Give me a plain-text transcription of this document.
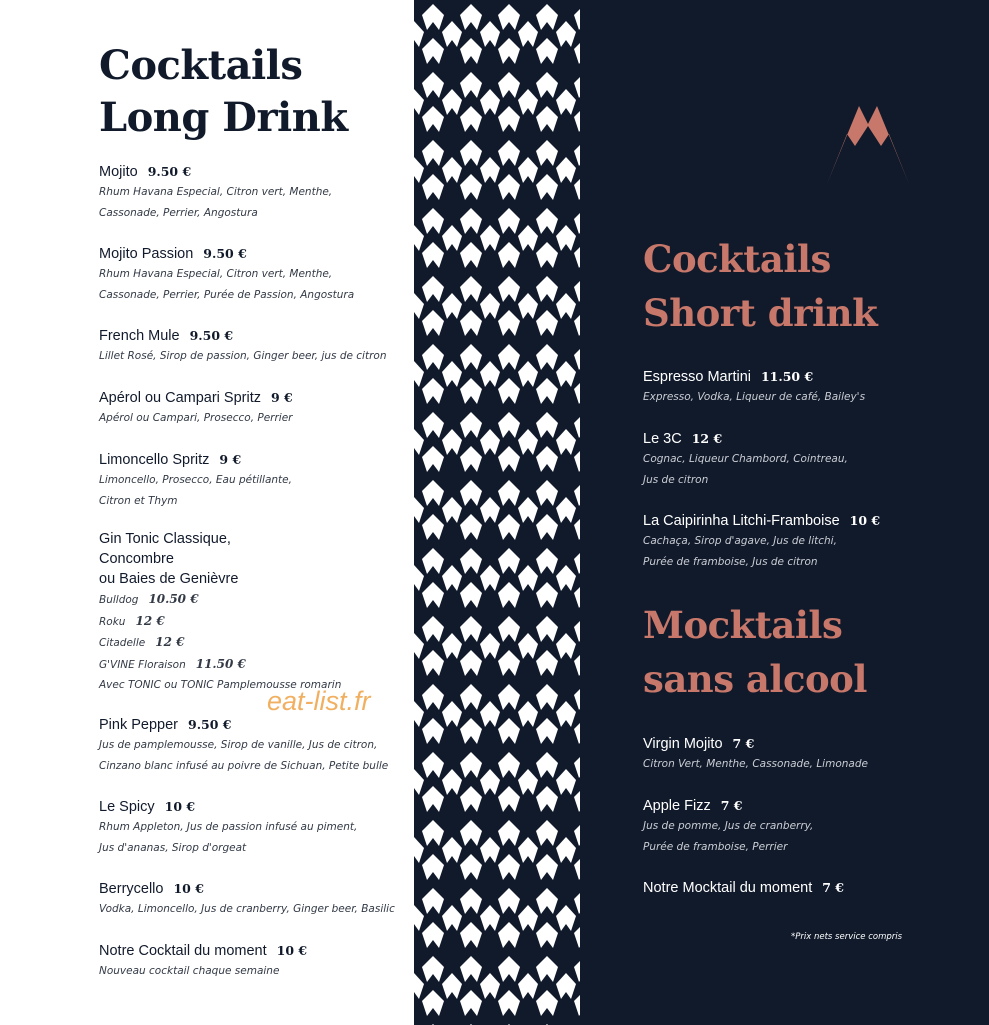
Cocktails
Long Drink
Mojito 9.50 €
Rhum Havana Especial, Citron vert, Menthe,
Cassonade, Perrier, Angostura
Mojito Passion 9.50 €
Rhum Havana Especial, Citron vert, Menthe,
Cassonade, Perrier, Purée de Passion, Angostura
French Mule 9.50 €
Lillet Rosé, Sirop de passion, Ginger beer, jus de citron
Apérol ou Campari Spritz 9 €
Apérol ou Campari, Prosecco, Perrier
Limoncello Spritz 9 €
Limoncello, Prosecco, Eau pétillante,
Citron et Thym
Gin Tonic Classique,
Concombre
ou Baies de Genièvre
Bulldog 10.50 €
Roku 12 €
Citadelle 12 €
G'VINE Floraison 11.50 €
Avec TONIC ou TONIC Pamplemousse romarin
Pink Pepper 9.50 €
Jus de pamplemousse, Sirop de vanille, Jus de citron,
Cinzano blanc infusé au poivre de Sichuan, Petite bulle
Le Spicy 10 €
Rhum Appleton, Jus de passion infusé au piment,
Jus d'ananas, Sirop d'orgeat
Berrycello 10 €
Vodka, Limoncello, Jus de cranberry, Ginger beer, Basilic
Notre Cocktail du moment 10 €
Nouveau cocktail chaque semaine
Cocktails
Short drink
Espresso Martini 11.50 €
Expresso, Vodka, Liqueur de café, Bailey's
Le 3C 12 €
Cognac, Liqueur Chambord, Cointreau,
Jus de citron
La Caipirinha Litchi-Framboise 10 €
Cachaça, Sirop d'agave, Jus de litchi,
Purée de framboise, Jus de citron
Mocktails
sans alcool
Virgin Mojito 7 €
Citron Vert, Menthe, Cassonade, Limonade
Apple Fizz 7 €
Jus de pomme, Jus de cranberry,
Purée de framboise, Perrier
Notre Mocktail du moment 7 €
*Prix nets service compris
eat-list.fr
